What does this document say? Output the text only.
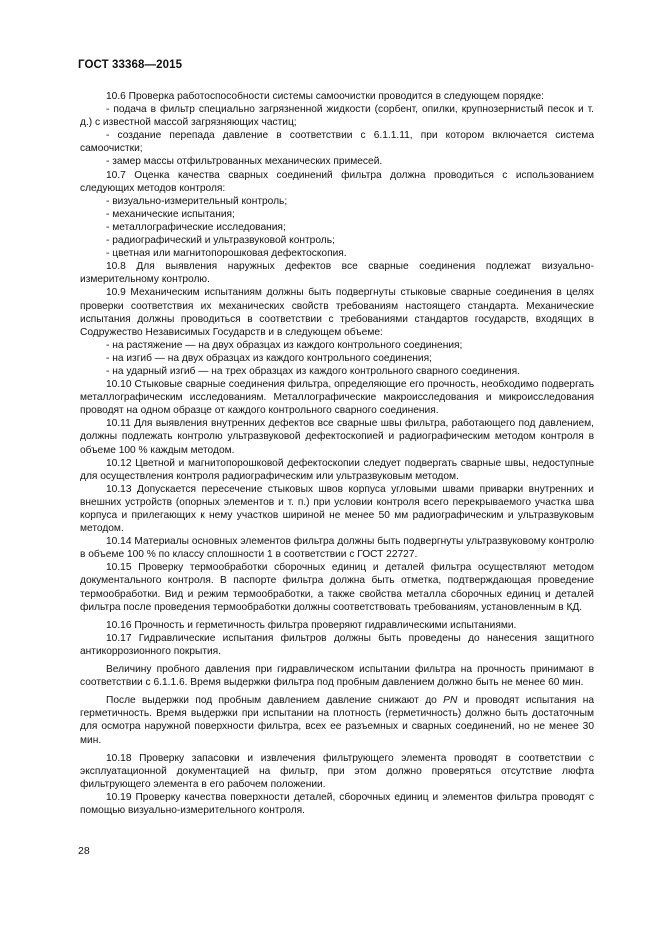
ГОСТ 33368—2015

10.6 Проверка работоспособности системы самоочистки проводится в следующем порядке:

- подача в фильтр специально загрязненной жидкости (сорбент, опилки, крупнозернистый песок и т. д.) с известной массой загрязняющих частиц;

- создание перепада давление в соответствии с 6.1.1.11, при котором включается система самоочистки;

- замер массы отфильтрованных механических примесей.

10.7 Оценка качества сварных соединений фильтра должна проводиться с использованием следующих методов контроля:

- визуально-измерительный контроль;

- механические испытания;

- металлографические исследования;

- радиографический и ультразвуковой контроль;

- цветная или магнитопорошковая дефектоскопия.

10.8 Для выявления наружных дефектов все сварные соединения подлежат визуально-измерительному контролю.

10.9 Механическим испытаниям должны быть подвергнуты стыковые сварные соединения в целях проверки соответствия их механических свойств требованиям настоящего стандарта. Механические испытания должны проводиться в соответствии с требованиями стандартов государств, входящих в Содружество Независимых Государств и в следующем объеме:

- на растяжение — на двух образцах из каждого контрольного соединения;

- на изгиб — на двух образцах из каждого контрольного соединения;

- на ударный изгиб — на трех образцах из каждого контрольного сварного соединения.

10.10 Стыковые сварные соединения фильтра, определяющие его прочность, необходимо подвергать металлографическим исследованиям. Металлографические макроисследования и микроисследования проводят на одном образце от каждого контрольного сварного соединения.

10.11 Для выявления внутренних дефектов все сварные швы фильтра, работающего под давлением, должны подлежать контролю ультразвуковой дефектоскопией и радиографическим методом контроля в объеме 100 % каждым методом.

10.12 Цветной и магнитопорошковой дефектоскопии следует подвергать сварные швы, недоступные для осуществления контроля радиографическим или ультразвуковым методом.

10.13 Допускается пересечение стыковых швов корпуса угловыми швами приварки внутренних и внешних устройств (опорных элементов и т. п.) при условии контроля всего перекрываемого участка шва корпуса и прилегающих к нему участков шириной не менее 50 мм радиографическим и ультразвуковым методом.

10.14 Материалы основных элементов фильтра должны быть подвергнуты ультразвуковому контролю в объеме 100 % по классу сплошности 1 в соответствии с ГОСТ 22727.

10.15 Проверку термообработки сборочных единиц и деталей фильтра осуществляют методом документального контроля. В паспорте фильтра должна быть отметка, подтверждающая проведение термообработки. Вид и режим термообработки, а также свойства металла сборочных единиц и деталей фильтра после проведения термообработки должны соответствовать требованиям, установленным в КД.

10.16 Прочность и герметичность фильтра проверяют гидравлическими испытаниями.

10.17 Гидравлические испытания фильтров должны быть проведены до нанесения защитного антикоррозионного покрытия.

Величину пробного давления при гидравлическом испытании фильтра на прочность принимают в соответствии с 6.1.1.6. Время выдержки фильтра под пробным давлением должно быть не менее 60 мин.

После выдержки под пробным давлением давление снижают до PN и проводят испытания на герметичность. Время выдержки при испытании на плотность (герметичность) должно быть достаточным для осмотра наружной поверхности фильтра, всех ее разъемных и сварных соединений, но не менее 30 мин.

10.18 Проверку запасовки и извлечения фильтрующего элемента проводят в соответствии с эксплуатационной документацией на фильтр, при этом должно проверяться отсутствие люфта фильтрующего элемента в его рабочем положении.

10.19 Проверку качества поверхности деталей, сборочных единиц и элементов фильтра проводят с помощью визуально-измерительного контроля.

28
